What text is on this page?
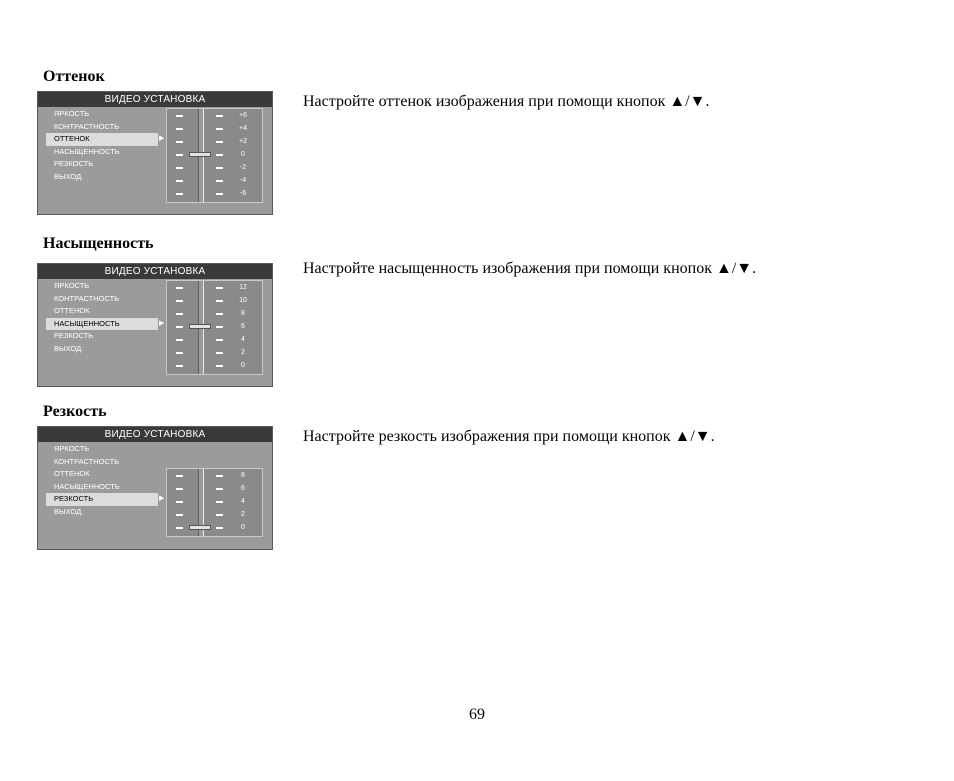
Оттенок
Настройте оттенок изображения при помощи кнопок ▲/▼.
ВИДЕО УСТАНОВКА
ЯРКОСТЬ
КОНТРАСТНОСТЬ
ОТТЕНОК	▶
НАСЫЩЕННОСТЬ
РЕЗКОСТЬ
ВЫХОД.
+6
+4
+2
0
-2
-4
-6
Насыщенность
Настройте насыщенность изображения при помощи кнопок ▲/▼.
ВИДЕО УСТАНОВКА
ЯРКОСТЬ
КОНТРАСТНОСТЬ
ОТТЕНОК
НАСЫЩЕННОСТЬ	▶
РЕЗКОСТЬ
ВЫХОД.
12
10
8
6
4
2
0
Резкость
Настройте резкость изображения при помощи кнопок ▲/▼.
ВИДЕО УСТАНОВКА
ЯРКОСТЬ
КОНТРАСТНОСТЬ
ОТТЕНОК
НАСЫЩЕННОСТЬ
РЕЗКОСТЬ	▶
ВЫХОД.
8
6
4
2
0
69
